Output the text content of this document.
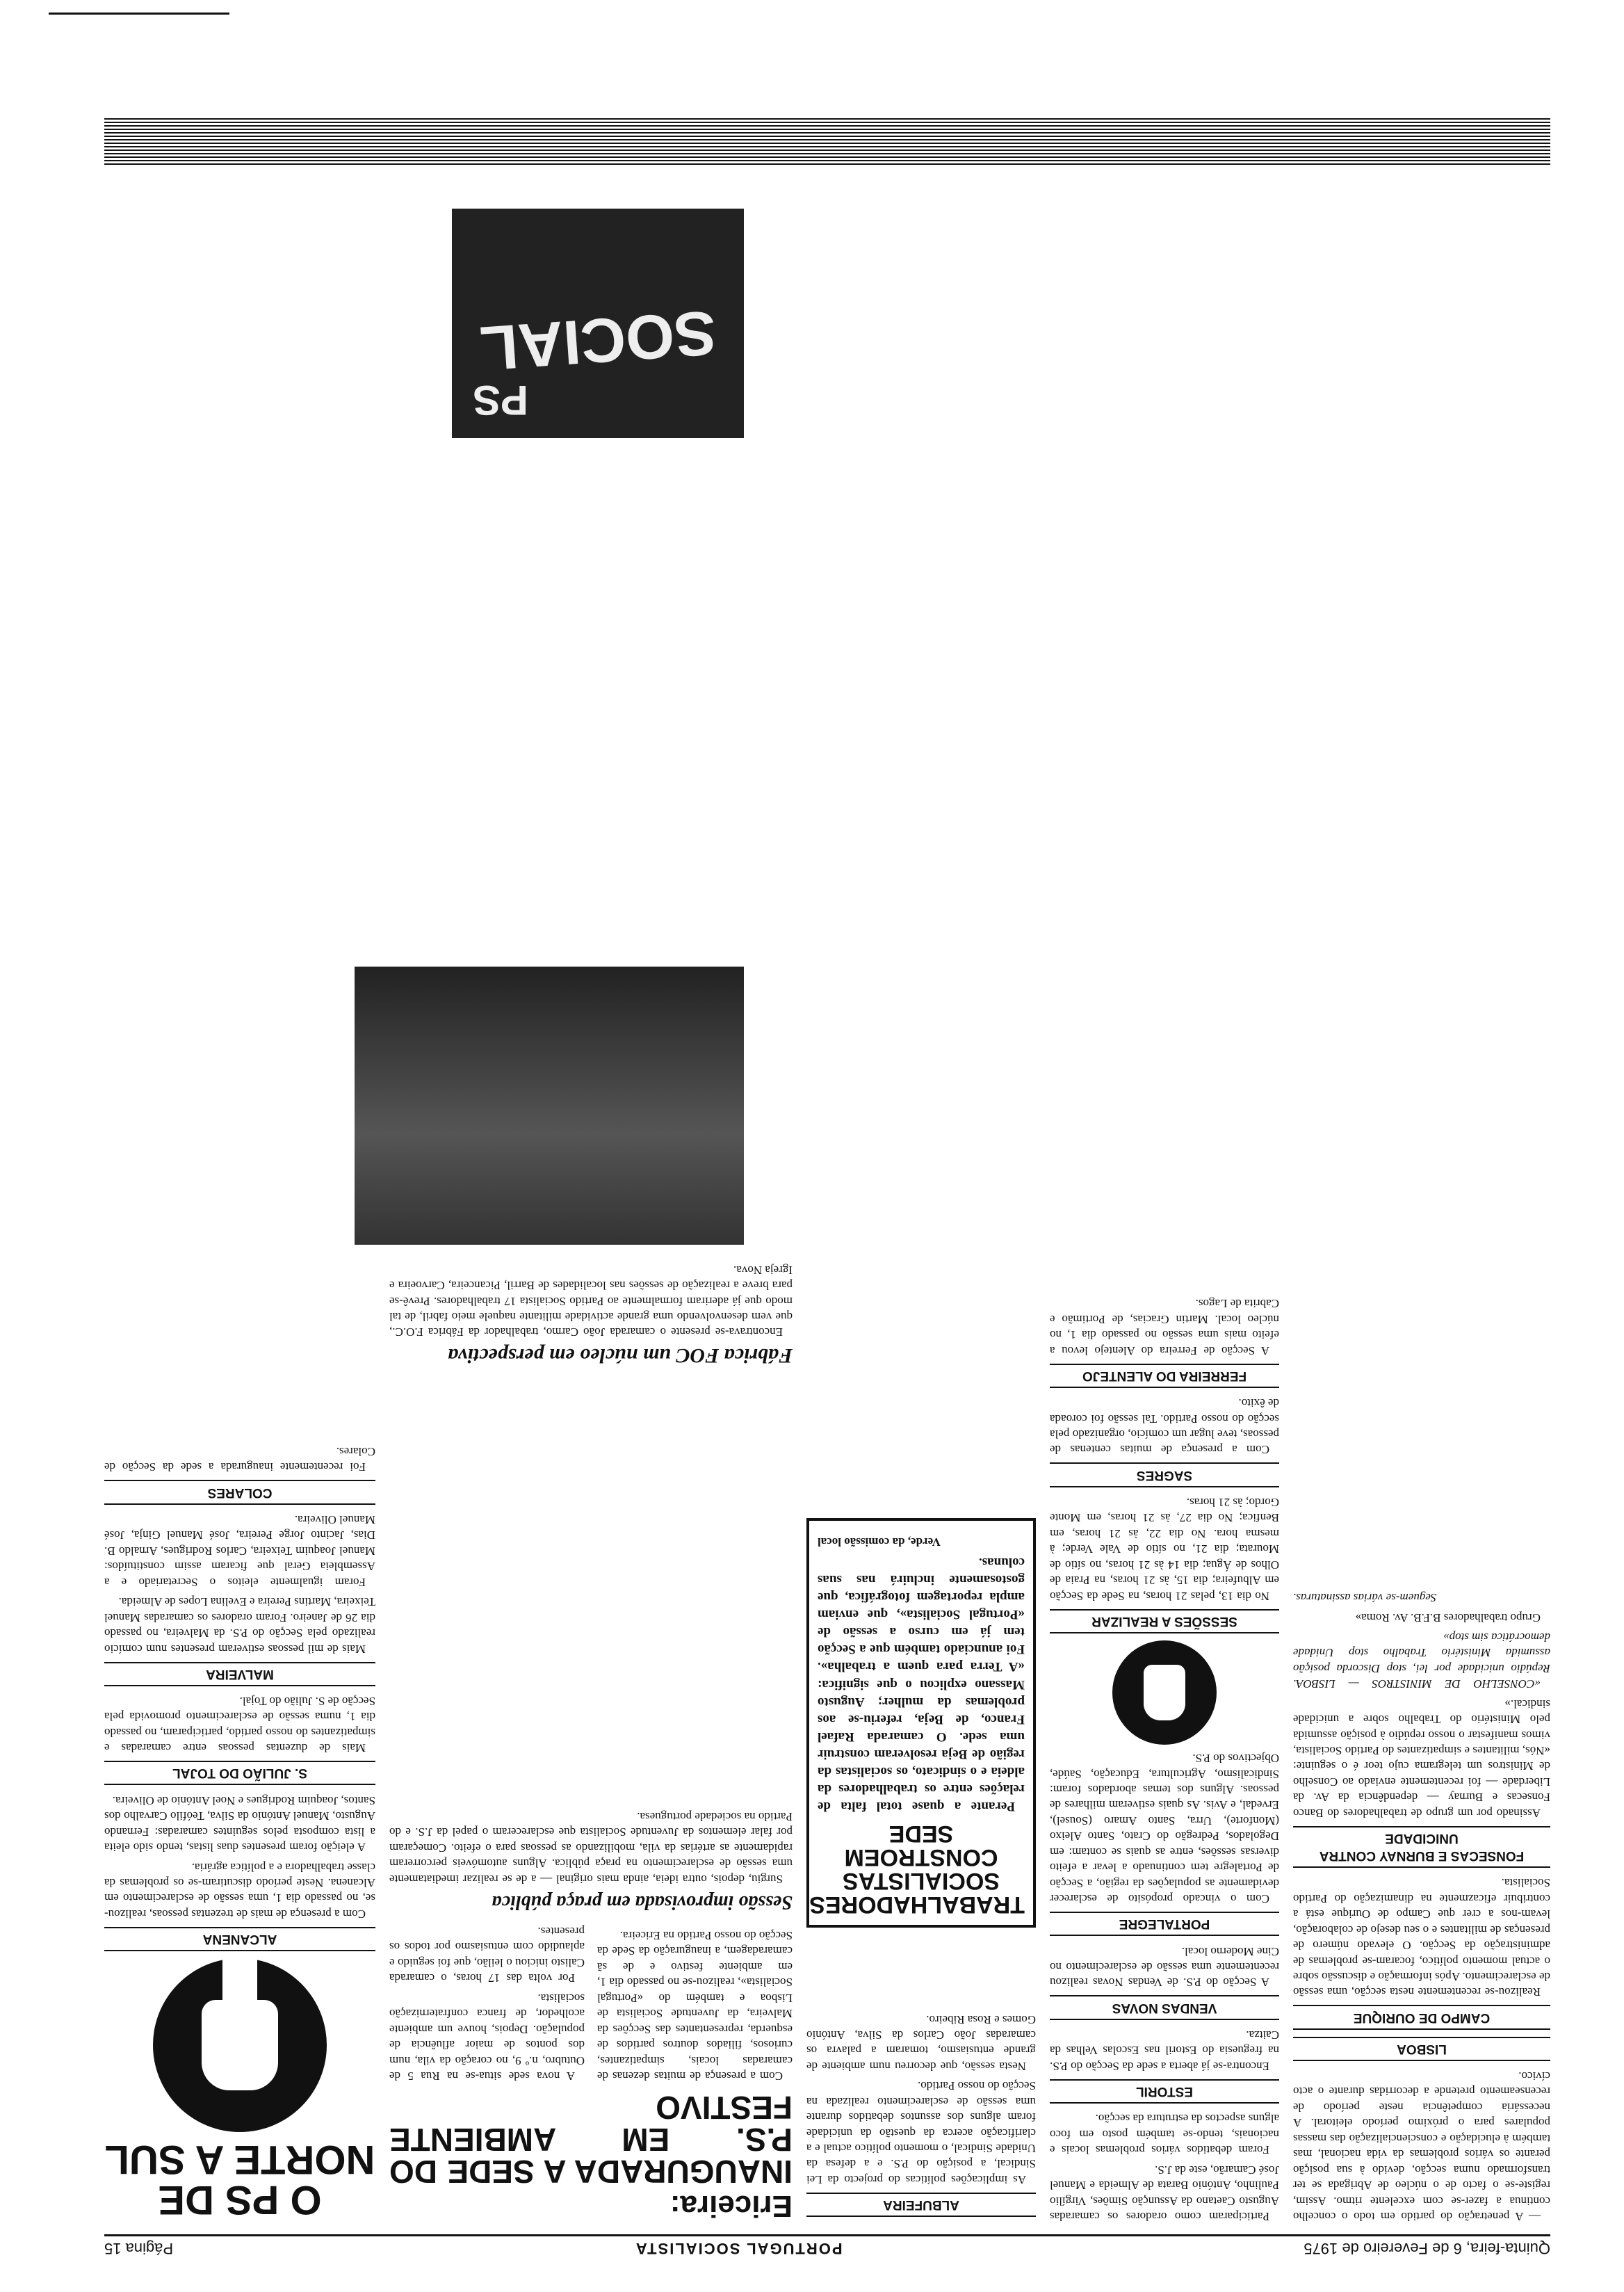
Quinta-feira, 6 de Fevereiro de 1975
PORTUGAL SOCIALISTA
Página 15

— A penetração do partido em todo o concelho continua a fazer-se com excelente ritmo. Assim, registe-se o facto de o núcleo de Abrigada se ter transformado numa secção, devido à sua posição perante os vários problemas da vida nacional, mas também à elucidação e consciencialização das massas populares para o próximo período eleitoral. A necessária competência neste período de recenseamento pretende a decorridas durante o acto cívico.

LISBOA
CAMPO DE OURIQUE

Realizou-se recentemente nesta secção, uma sessão de esclarecimento. Após informação e discussão sobre o actual momento político, focaram-se problemas de administração da Secção. O elevado número de presenças de militantes e o seu desejo de colaboração, levam-nos a crer que Campo de Ourique está a contribuir eficazmente na dinamização do Partido Socialista.

FONSECAS E BURNAY CONTRA UNICIDADE

Assinado por um grupo de trabalhadores do Banco Fonsecas e Burnay — dependência da Av. da Liberdade — foi recentemente enviado ao Conselho de Ministros um telegrama cujo teor é o seguinte: «Nós, militantes e simpatizantes do Partido Socialista, vimos manifestar o nosso repúdio à posição assumida pelo Ministério do Trabalho sobre a unicidade sindical.»

«CONSELHO DE MINISTROS — LISBOA. Repúdio unicidade por lei, stop Discorda posição assumida Ministério Trabalho stop Unidade democrática sim stop»

Grupo trabalhadores B.F.B. Av. Roma»

Seguem-se várias assinaturas.

Participaram como oradores os camaradas Augusto Caetano da Assunção Simões, Virgílio Paulinho, António Barata de Almeida e Manuel José Camarão, este da J.S.

Foram debatidos vários problemas locais e nacionais, tendo-se também posto em foco alguns aspectos da estrutura da secção.

ESTORIL

Encontra-se já aberta a sede da Secção do P.S. na freguesia do Estoril nas Escolas Velhas da Caitza.

VENDAS NOVAS

A Secção do P.S. de Vendas Novas realizou recentemente uma sessão de esclarecimento no Cine Moderno local.

PORTALEGRE

Com o vincado propósito de esclarecer devidamente as populações da região, a Secção de Portalegre tem continuado a levar a efeito diversas sessões, entre as quais se contam: em Degolados, Pedregão do Crato, Santo Aleixo (Monforte), Urra, Santo Amaro (Sousel), Ervedal, e Avis. As quais estiveram milhares de pessoas. Alguns dos temas abordados foram: Sindicalismo, Agricultura, Educação, Saúde, Objectivos do P.S.

SESSÕES A REALIZAR

No dia 13, pelas 21 horas, na Sede da Secção em Albufeira; dia 15, às 21 horas, na Praia de Olhos de Água; dia 14 às 21 horas, no sítio de Mourata; dia 21, no sítio de Vale Verde; à mesma hora. No dia 22, às 21 horas, em Benfica; No dia 27, às 21 horas, em Monte Gordo; às 21 horas.

SAGRES

Com a presença de muitas centenas de pessoas, teve lugar um comício, organizado pela secção do nosso Partido. Tal sessão foi coroada de êxito.

FERREIRA DO ALENTEJO

A Secção de Ferreira do Alentejo levou a efeito mais uma sessão no passado dia 1, no núcleo local. Martin Gracias, de Portimão e Cabrita de Lagos.

ALBUFEIRA

As implicações políticas do projecto da Lei Sindical, a posição do P.S. e a defesa da Unidade Sindical, o momento político actual e a clarificação acerca da questão da unicidade foram alguns dos assuntos debatidos durante uma sessão de esclarecimento realizada na Secção do nosso Partido.

Nesta sessão, que decorreu num ambiente de grande entusiasmo, tomaram a palavra os camaradas João Carlos da Silva, António Gomes e Rosa Ribeiro.

TRABALHADORES SOCIALISTAS CONSTROEM SEDE

Perante a quase total falta de relações entre os trabalhadores da aldeia e o sindicato, os socialistas da região de Beja resolveram construir uma sede. O camarada Rafael Franco, de Beja, referiu-se aos problemas da mulher; Augusto Massano explicou o que significa: «A Terra para quem a trabalha». Foi anunciado também que a Secção tem já em curso a sessão de «Portugal Socialista», que enviam ampla reportagem fotográfica, que gostosamente incluirá nas suas colunas.

Verde, da comissão local

Ericeira:
INAUGURADA A SEDE DO P.S. EM AMBIENTE FESTIVO

Com a presença de muitas dezenas de camaradas locais, simpatizantes, curiosos, filiados doutros partidos de esquerda, representantes das Secções da Malveira, da Juventude Socialista de Lisboa e também do «Portugal Socialista», realizou-se no passado dia 1, em ambiente festivo e de sã camaradagem, a inauguração da Sede da Secção do nosso Partido na Ericeira.

A nova sede situa-se na Rua 5 de Outubro, n.º 9, no coração da vila, num dos pontos de maior afluência de população. Depois, houve um ambiente acolhedor, de franca confraternização socialista.

Por volta das 17 horas, o camarada Calisto iniciou o leilão, que foi seguido e aplaudido com entusiasmo por todos os presentes.

Sessão improvisada em praça pública

Surgiu, depois, outra ideia, ainda mais original — a de se realizar imediatamente uma sessão de esclarecimento na praça pública. Alguns automóveis percorreram rapidamente as artérias da vila, mobilizando as pessoas para o efeito. Começaram por falar elementos da Juventude Socialista que esclareceram o papel da J.S. e do Partido na sociedade portuguesa.

Fábrica FOC um núcleo em perspectiva

Encontrava-se presente o camarada João Carmo, trabalhador da Fábrica F.O.C., que vem desenvolvendo uma grande actividade militante naquele meio fabril, de tal modo que já aderiram formalmente ao Partido Socialista 17 trabalhadores. Prevê-se para breve a realização de sessões nas localidades de Barril, Picanceira, Carvoeira e Igreja Nova.

O PS DE NORTE A SUL
ALCANENA

Com a presença de mais de trezentas pessoas, realizou-se, no passado dia 1, uma sessão de esclarecimento em Alcanena. Neste período discutiram-se os problemas da classe trabalhadora e a política agrária.

A eleição foram presentes duas listas, tendo sido eleita a lista composta pelos seguintes camaradas: Fernando Augusto, Manuel António da Silva, Teófilo Carvalho dos Santos, Joaquim Rodrigues e Noel António de Oliveira.

S. JULIÃO DO TOJAL

Mais de duzentas pessoas entre camaradas e simpatizantes do nosso partido, participaram, no passado dia 1, numa sessão de esclarecimento promovida pela Secção de S. Julião do Tojal.

MALVEIRA

Mais de mil pessoas estiveram presentes num comício realizado pela Secção do P.S. da Malveira, no passado dia 26 de Janeiro. Foram oradores os camaradas Manuel Teixeira, Martins Pereira e Evelina Lopes de Almeida.

Foram igualmente eleitos o Secretariado e a Assembleia Geral que ficaram assim constituídos: Manuel Joaquim Teixeira, Carlos Rodrigues, Arnaldo B. Dias, Jacinto Jorge Pereira, José Manuel Ginja, José Manuel Oliveira.

COLARES

Foi recentemente inaugurada a sede da Secção de Colares.

SOCIAL
PS
